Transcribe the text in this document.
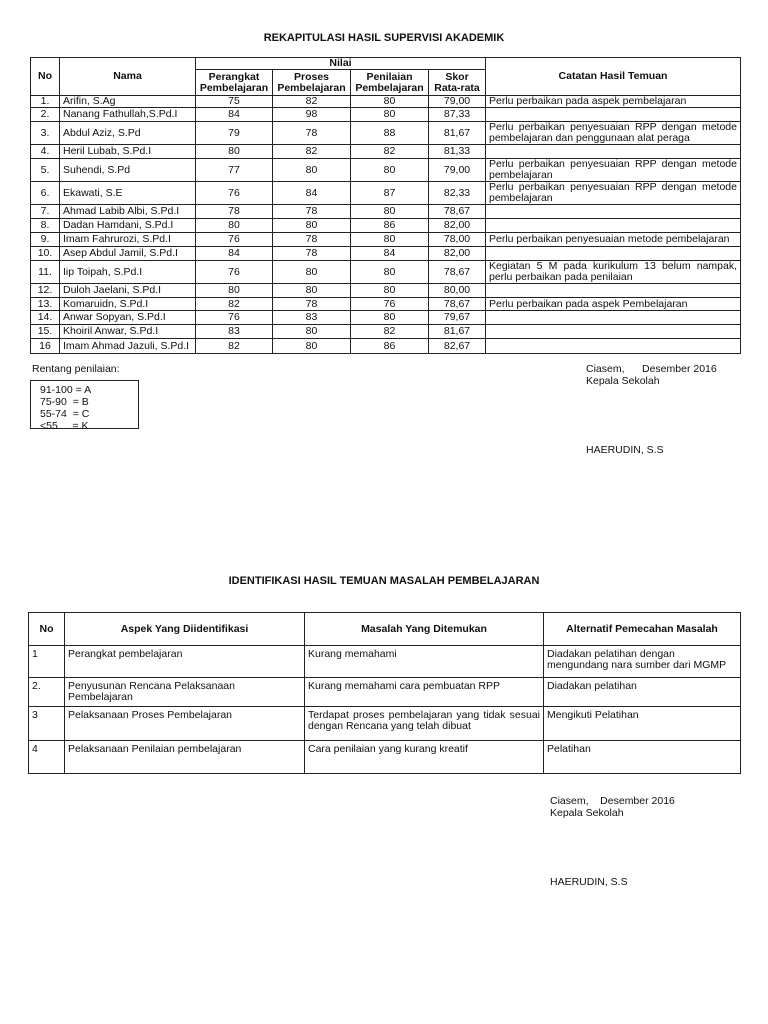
REKAPITULASI HASIL SUPERVISI AKADEMIK
No	Nama	Nilai				Catatan Hasil Temuan
		Perangkat Pembelajaran	Proses Pembelajaran	Penilaian Pembelajaran	Skor Rata-rata	
1.	Arifin, S.Ag	75	82	80	79,00	Perlu perbaikan pada aspek pembelajaran
2.	Nanang Fathullah,S.Pd.I	84	98	80	87,33	
3.	Abdul Aziz, S.Pd	79	78	88	81,67	Perlu perbaikan penyesuaian RPP dengan metode pembelajaran dan penggunaan alat peraga
4.	Heril Lubab, S.Pd.I	80	82	82	81,33	
5.	Suhendi, S.Pd	77	80	80	79,00	Perlu perbaikan penyesuaian RPP dengan metode pembelajaran
6.	Ekawati, S.E	76	84	87	82,33	Perlu perbaikan penyesuaian RPP dengan metode pembelajaran
7.	Ahmad Labib Albi, S.Pd.I	78	78	80	78,67	
8.	Dadan Hamdani, S.Pd.I	80	80	86	82,00	
9.	Imam Fahrurozi, S.Pd.I	76	78	80	78,00	Perlu perbaikan penyesuaian metode pembelajaran
10.	Asep Abdul Jamil, S.Pd.I	84	78	84	82,00	
11.	Iip Toipah, S.Pd.I	76	80	80	78,67	Kegiatan 5 M pada kurikulum 13 belum nampak, perlu perbaikan pada penilaian
12.	Duloh Jaelani, S.Pd.I	80	80	80	80,00	
13.	Komaruidn, S.Pd.I	82	78	76	78,67	Perlu perbaikan pada aspek Pembelajaran
14.	Anwar Sopyan, S.Pd.I	76	83	80	79,67	
15.	Khoiril Anwar, S.Pd.I	83	80	82	81,67	
16	Imam Ahmad Jazuli, S.Pd.I	82	80	86	82,67	
Rentang penilaian:
91-100 = A
75-90  = B
55-74  = C
<55     = K
Ciasem,      Desember 2016
Kepala Sekolah
HAERUDIN, S.S
IDENTIFIKASI HASIL TEMUAN MASALAH PEMBELAJARAN
No	Aspek Yang Diidentifikasi	Masalah Yang Ditemukan	Alternatif Pemecahan Masalah
1	Perangkat pembelajaran	Kurang memahami	Diadakan pelatihan dengan mengundang nara sumber dari MGMP
2.	Penyusunan Rencana Pelaksanaan Pembelajaran	Kurang memahami cara pembuatan RPP	Diadakan pelatihan
3	Pelaksanaan Proses Pembelajaran	Terdapat proses pembelajaran yang tidak sesuai dengan Rencana yang telah dibuat	Mengikuti Pelatihan
4	Pelaksanaan Penilaian pembelajaran	Cara penilaian yang kurang kreatif	Pelatihan
Ciasem,    Desember 2016
Kepala Sekolah
HAERUDIN, S.S
